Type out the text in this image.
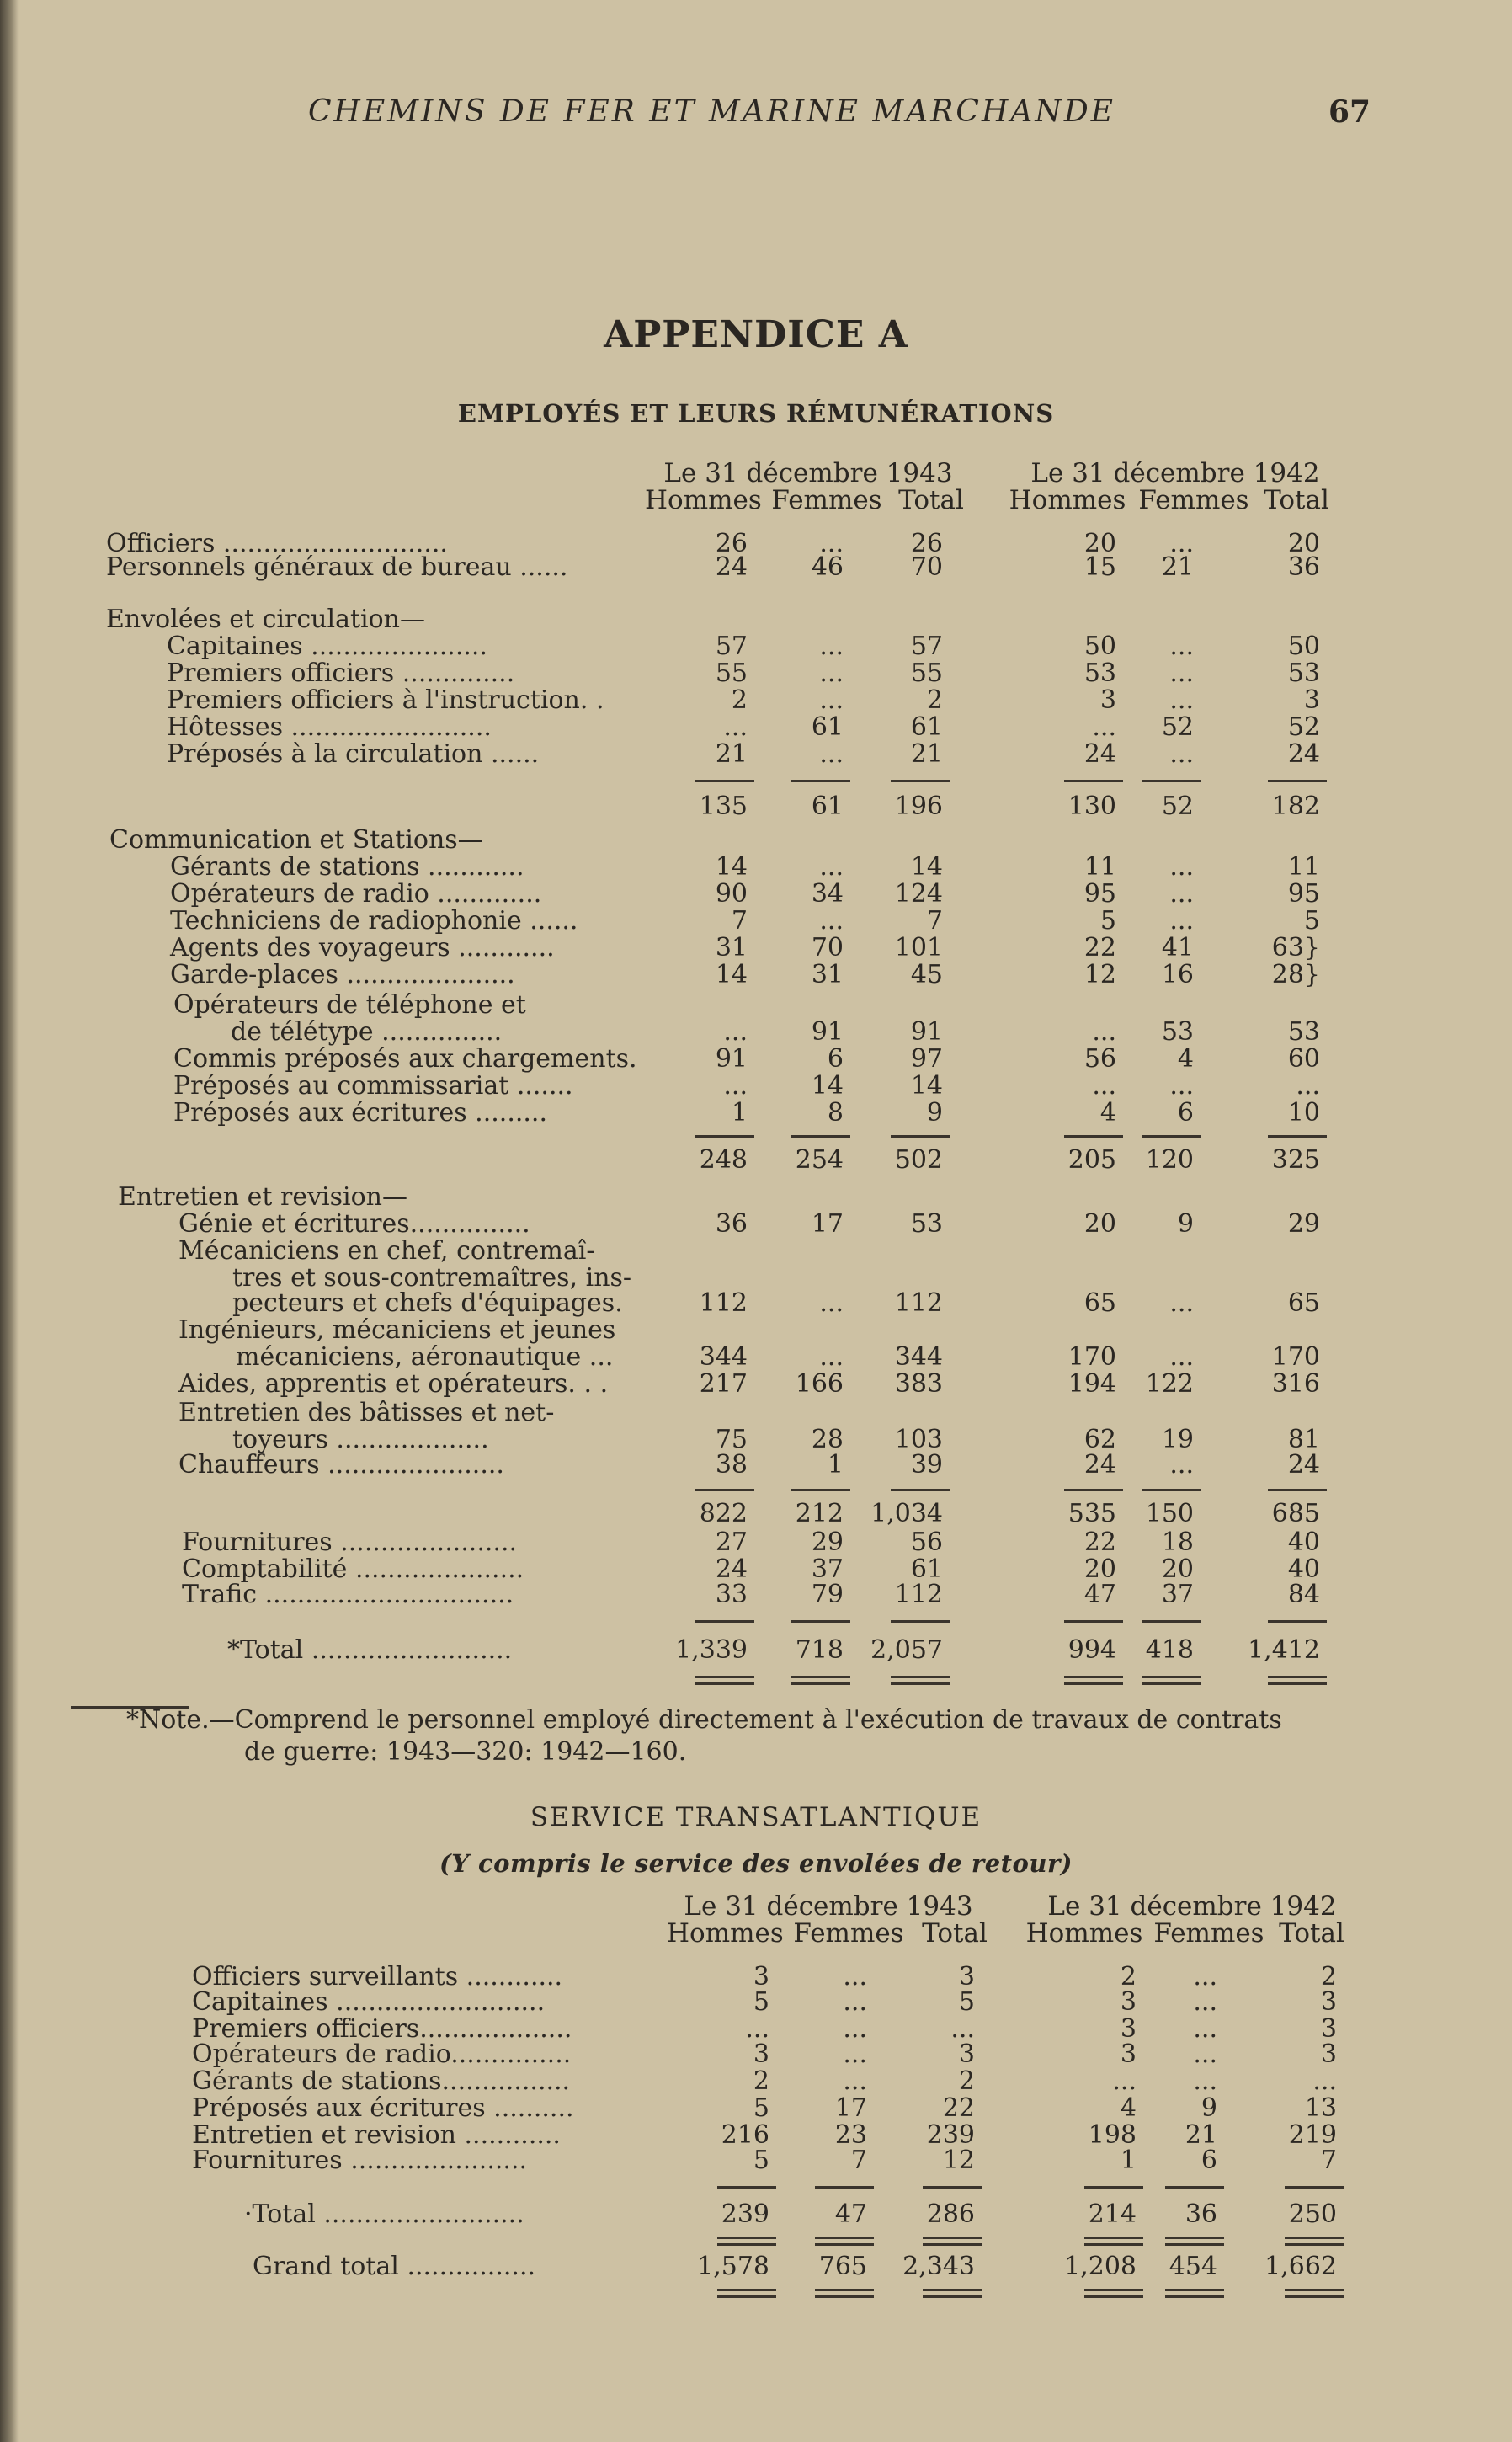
CHEMINS DE FER ET MARINE MARCHANDE	67
APPENDICE A
EMPLOYÉS ET LEURS RÉMUNÉRATIONS
Le 31 décembre 1943	Le 31 décembre 1942
Hommes Femmes Total	Hommes Femmes Total
Officiers ............................	26	...	26	20	...	20
Personnels généraux de bureau ......	24	46	70	15	21	36
Envolées et circulation—
Capitaines ......................	57	...	57	50	...	50
Premiers officiers ..............	55	...	55	53	...	53
Premiers officiers à l'instruction. .	2	...	2	3	...	3
Hôtesses .........................	...	61	61	...	52	52
Préposés à la circulation ......	21	...	21	24	...	24
135	61	196	130	52	182
Communication et Stations—
Gérants de stations ............	14	...	14	11	...	11
Opérateurs de radio .............	90	34	124	95	...	95
Techniciens de radiophonie ......	7	...	7	5	...	5
Agents des voyageurs ............	31	70	101	22	41	63}
Garde-places .....................	14	31	45	12	16	28}
Opérateurs de téléphone et
de télétype ...............	...	91	91	...	53	53
Commis préposés aux chargements.	91	6	97	56	4	60
Préposés au commissariat .......	...	14	14	...	...	...
Préposés aux écritures .........	1	8	9	4	6	10
248	254	502	205	120	325
Entretien et revision—
Génie et écritures...............	36	17	53	20	9	29
Mécaniciens en chef, contremaî-
tres et sous-contremaîtres, ins-
pecteurs et chefs d'équipages.	112	...	112	65	...	65
Ingénieurs, mécaniciens et jeunes
mécaniciens, aéronautique ...	344	...	344	170	...	170
Aides, apprentis et opérateurs. . .	217	166	383	194	122	316
Entretien des bâtisses et net-
toyeurs ...................	75	28	103	62	19	81
Chauffeurs ......................	38	1	39	24	...	24
822	212	1,034	535	150	685
Fournitures ......................	27	29	56	22	18	40
Comptabilité .....................	24	37	61	20	20	40
Trafic ...............................	33	79	112	47	37	84
*Total .........................	1,339	718	2,057	994	418	1,412
*Note.—Comprend le personnel employé directement à l'exécution de travaux de contrats
de guerre: 1943—320: 1942—160.
SERVICE TRANSATLANTIQUE
(Y compris le service des envolées de retour)
Le 31 décembre 1943	Le 31 décembre 1942
Hommes Femmes Total	Hommes Femmes Total
Officiers surveillants ............	3	...	3	2	...	2
Capitaines ..........................	5	...	5	3	...	3
Premiers officiers...................	...	...	...	3	...	3
Opérateurs de radio...............	3	...	3	3	...	3
Gérants de stations................	2	...	2	...	...	...
Préposés aux écritures ..........	5	17	22	4	9	13
Entretien et revision ............	216	23	239	198	21	219
Fournitures ......................	5	7	12	1	6	7
·Total .........................	239	47	286	214	36	250
Grand total ................	1,578	765	2,343	1,208	454	1,662
